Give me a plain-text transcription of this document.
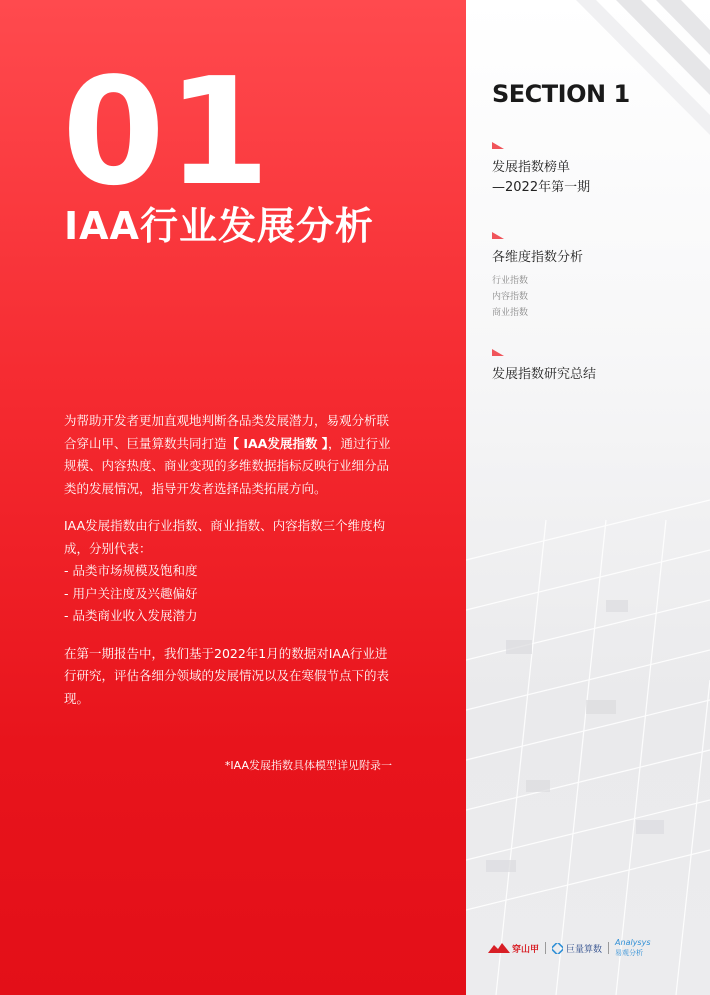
01
IAA行业发展分析

为帮助开发者更加直观地判断各品类发展潜力，易观分析联合穿山甲、巨量算数共同打造【 IAA发展指数 】，通过行业规模、内容热度、商业变现的多维数据指标反映行业细分品类的发展情况，指导开发者选择品类拓展方向。

IAA发展指数由行业指数、商业指数、内容指数三个维度构成，分别代表：

- 品类市场规模及饱和度
- 用户关注度及兴趣偏好
- 品类商业收入发展潜力

在第一期报告中，我们基于2022年1月的数据对IAA行业进行研究，评估各细分领域的发展情况以及在寒假节点下的表现。

*IAA发展指数具体模型详见附录一
SECTION 1
发展指数榜单
—2022年第一期
各维度指数分析
行业指数
内容指数
商业指数
发展指数研究总结
穿山甲	巨量算数
Analysys
易观分析
